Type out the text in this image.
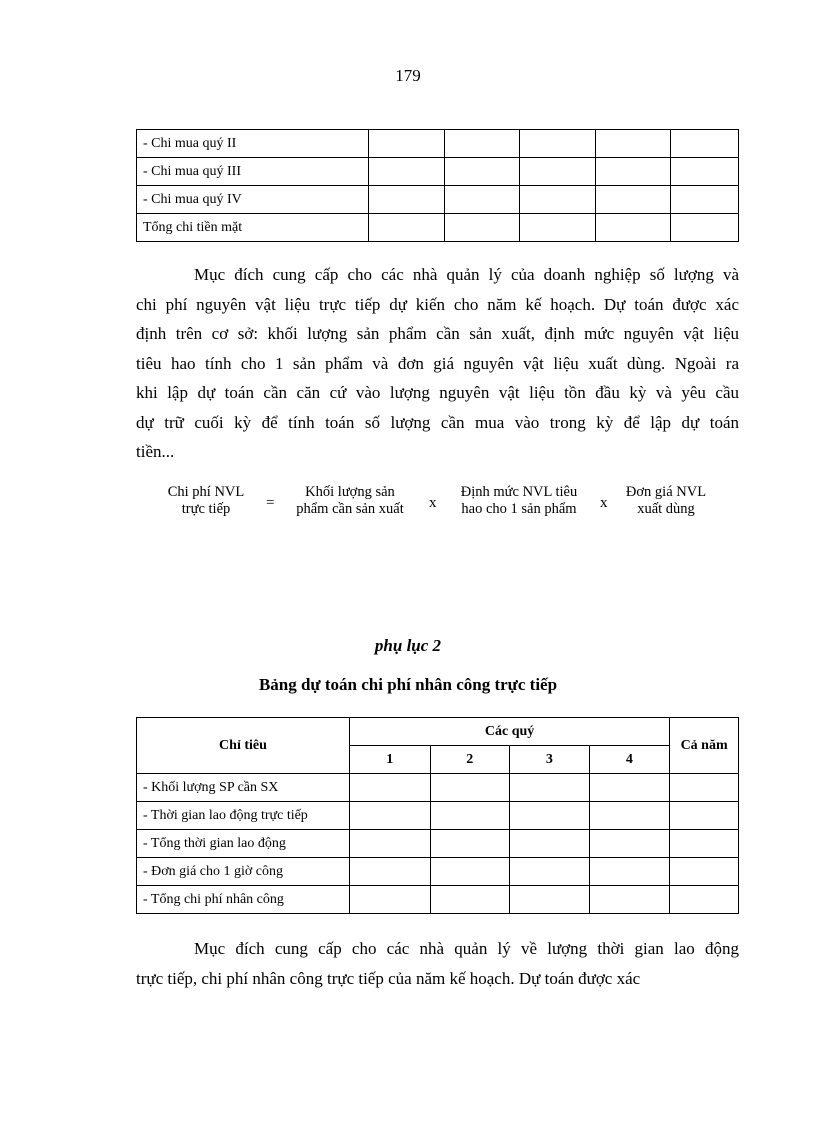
179
- Chi mua quý II					
- Chi mua quý III					
- Chi mua quý IV					
Tổng chi tiền mặt					
Mục đích cung cấp cho các nhà quản lý của doanh nghiệp số lượng và
chi phí nguyên vật liệu trực tiếp dự kiến cho năm kế hoạch. Dự toán được xác
định trên cơ sở: khối lượng sản phẩm cần sản xuất, định mức nguyên vật liệu
tiêu hao tính cho 1 sản phẩm và đơn giá nguyên vật liệu xuất dùng. Ngoài ra
khi lập dự toán cần căn cứ vào lượng nguyên vật liệu tồn đầu kỳ và yêu cầu
dự trữ cuối kỳ để tính toán số lượng cần mua vào trong kỳ để lập dự toán
tiền...
Chi phí NVL
trực tiếp	=
Khối lượng sản
phẩm cần sản xuất	x
Định mức NVL tiêu
hao cho 1 sản phẩm	x
Đơn giá NVL
xuất dùng
phụ lục 2
Bảng dự toán chi phí nhân công trực tiếp
Chỉ tiêu	Các quý				Cả năm
	1	2	3	4	
- Khối lượng SP cần SX					
- Thời gian lao động trực tiếp					
- Tổng thời gian lao động					
- Đơn giá cho 1 giờ công					
- Tổng chi phí nhân công					
Mục đích cung cấp cho các nhà quản lý về lượng thời gian lao động
trực tiếp, chi phí nhân công trực tiếp của năm kế hoạch. Dự toán được xác
